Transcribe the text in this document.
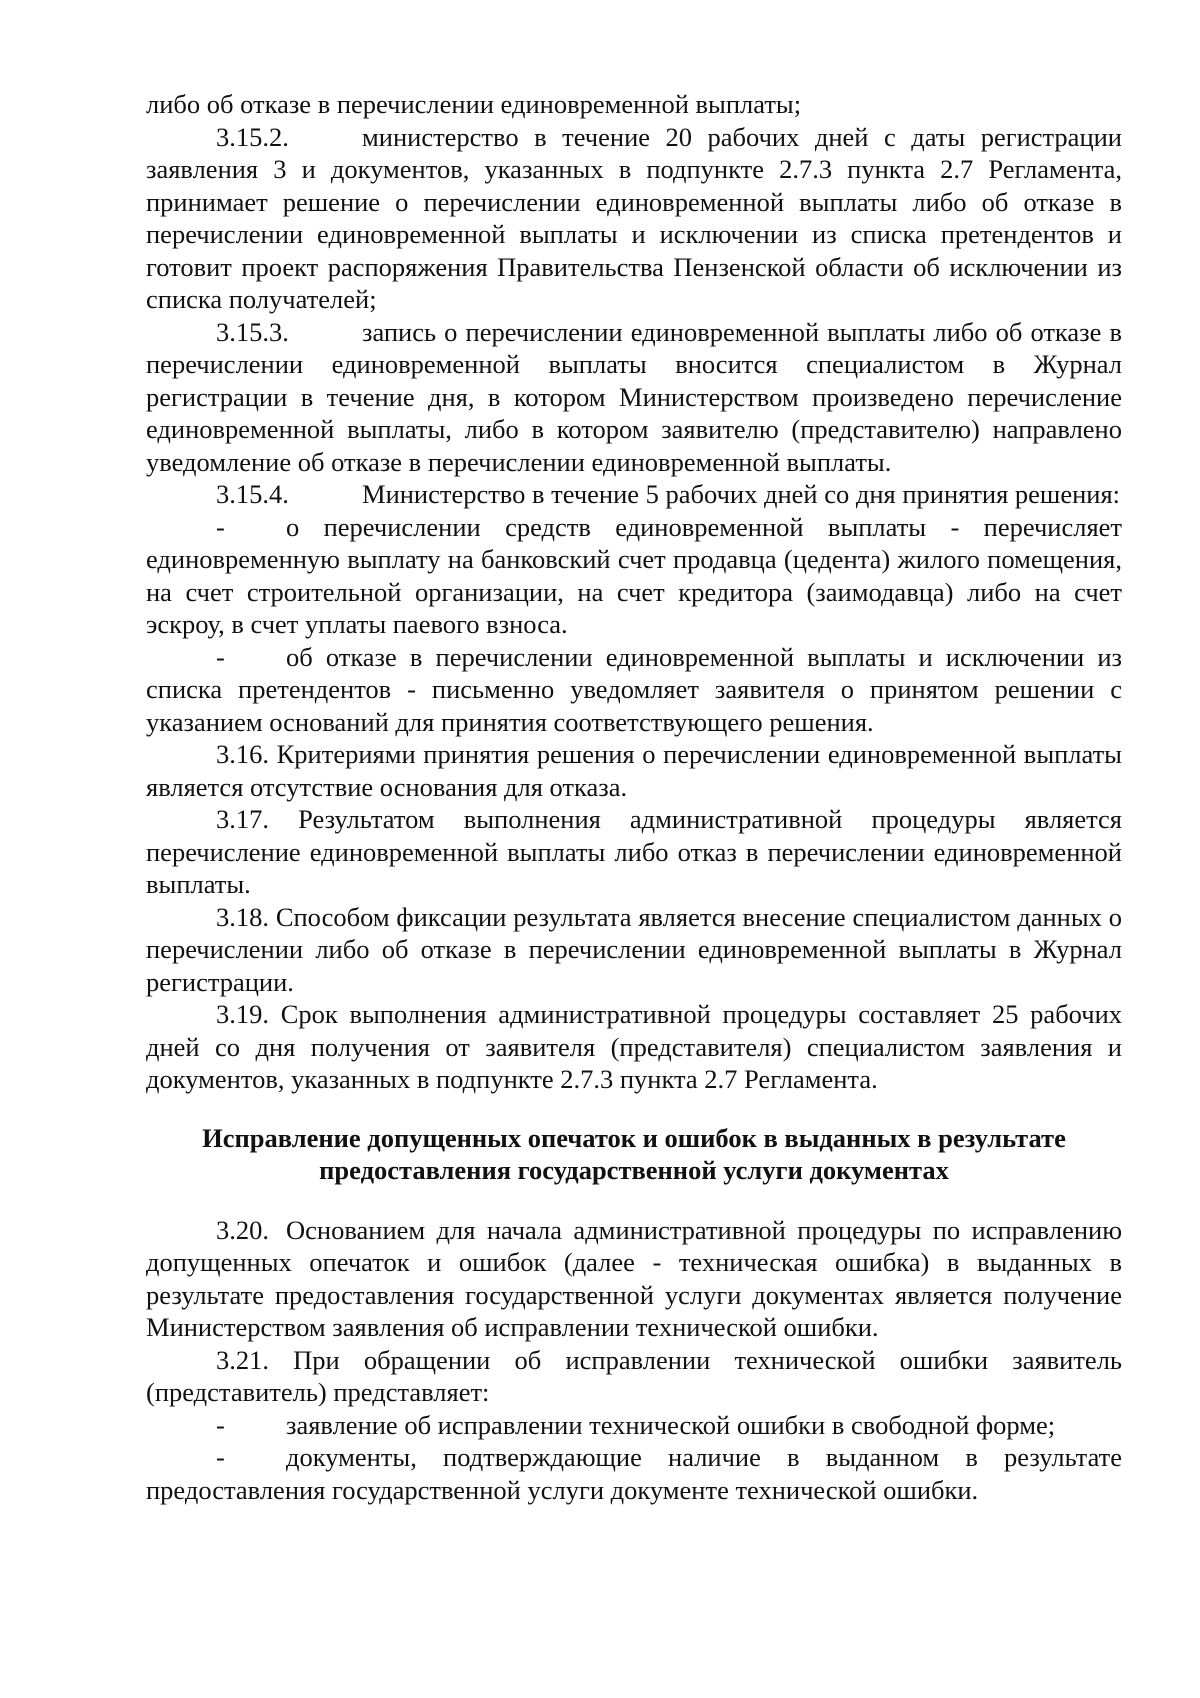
либо об отказе в перечислении единовременной выплаты;

3.15.2.	министерство в течение 20 рабочих дней с даты регистрации заявления 3 и документов, указанных в подпункте 2.7.3 пункта 2.7 Регламента, принимает решение о перечислении единовременной выплаты либо об отказе в перечислении единовременной выплаты и исключении из списка претендентов и готовит проект распоряжения Правительства Пензенской области об исключении из списка получателей;

3.15.3.	запись о перечислении единовременной выплаты либо об отказе в перечислении единовременной выплаты вносится специалистом в Журнал регистрации в течение дня, в котором Министерством произведено перечисление единовременной выплаты, либо в котором заявителю (представителю) направлено уведомление об отказе в перечислении единовременной выплаты.

3.15.4.	Министерство в течение 5 рабочих дней со дня принятия решения:

- о перечислении средств единовременной выплаты - перечисляет единовременную выплату на банковский счет продавца (цедента) жилого помещения, на счет строительной организации, на счет кредитора (заимодавца) либо на счет эскроу, в счет уплаты паевого взноса.

- об отказе в перечислении единовременной выплаты и исключении из списка претендентов - письменно уведомляет заявителя о принятом решении с указанием оснований для принятия соответствующего решения.

3.16. Критериями принятия решения о перечислении единовременной выплаты является отсутствие основания для отказа.

3.17. Результатом выполнения административной процедуры является перечисление единовременной выплаты либо отказ в перечислении единовременной выплаты.

3.18. Способом фиксации результата является внесение специалистом данных о перечислении либо об отказе в перечислении единовременной выплаты в Журнал регистрации.

3.19. Срок выполнения административной процедуры составляет 25 рабочих дней со дня получения от заявителя (представителя) специалистом заявления и документов, указанных в подпункте 2.7.3 пункта 2.7 Регламента.

Исправление допущенных опечаток и ошибок в выданных в результате
предоставления государственной услуги документах

3.20. Основанием для начала административной процедуры по исправлению допущенных опечаток и ошибок (далее - техническая ошибка) в выданных в результате предоставления государственной услуги документах является получение Министерством заявления об исправлении технической ошибки.

3.21. При обращении об исправлении технической ошибки заявитель (представитель) представляет:

- заявление об исправлении технической ошибки в свободной форме;

- документы, подтверждающие наличие в выданном в результате предоставления государственной услуги документе технической ошибки.
